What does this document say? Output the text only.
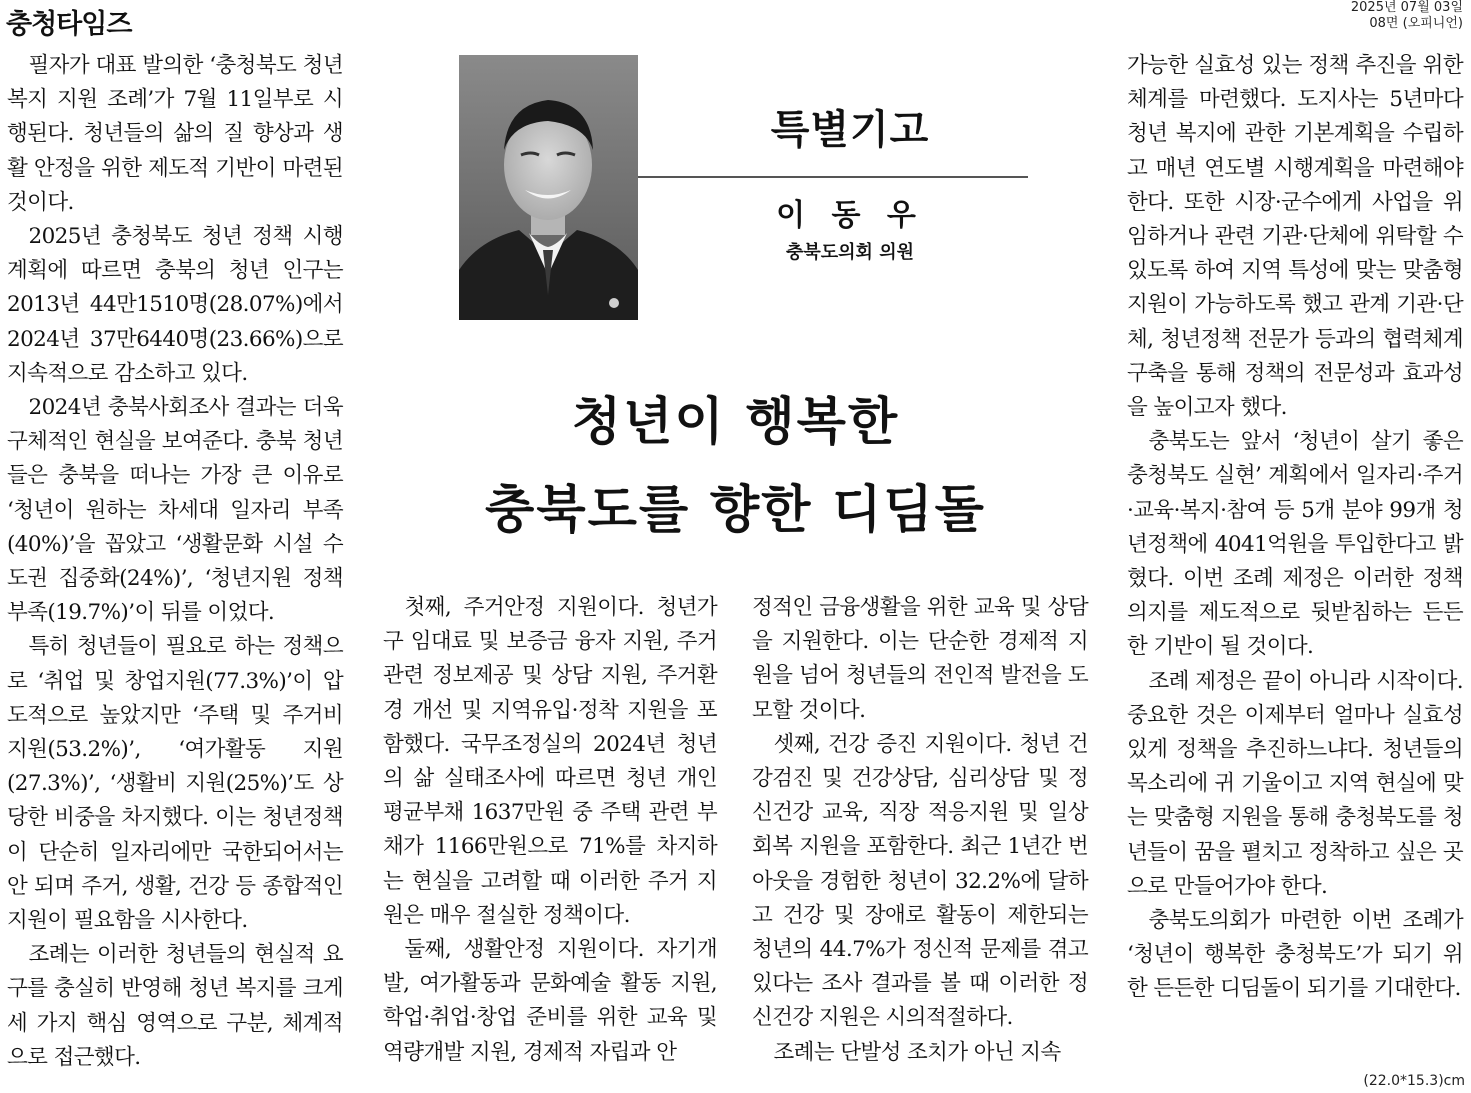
충청타임즈
2025년 07월 03일
08면 (오피니언)
특별기고
이 동 우
충북도의회 의원
청년이 행복한
충북도를 향한 디딤돌

필자가 대표 발의한 ‘충청북도 청년 복지 지원 조례’가 7월 11일부로 시행된다. 청년들의 삶의 질 향상과 생활 안정을 위한 제도적 기반이 마련된 것이다.

2025년 충청북도 청년 정책 시행계획에 따르면 충북의 청년 인구는 2013년 44만1510명(28.07%)에서 2024년 37만6440명(23.66%)으로 지속적으로 감소하고 있다.

2024년 충북사회조사 결과는 더욱 구체적인 현실을 보여준다. 충북 청년들은 충북을 떠나는 가장 큰 이유로 ‘청년이 원하는 차세대 일자리 부족(40%)’을 꼽았고 ‘생활문화 시설 수도권 집중화(24%)’, ‘청년지원 정책 부족(19.7%)’이 뒤를 이었다.

특히 청년들이 필요로 하는 정책으로 ‘취업 및 창업지원(77.3%)’이 압도적으로 높았지만 ‘주택 및 주거비 지원(53.2%)’, ‘여가활동 지원(27.3%)’, ‘생활비 지원(25%)’도 상당한 비중을 차지했다. 이는 청년정책이 단순히 일자리에만 국한되어서는 안 되며 주거, 생활, 건강 등 종합적인 지원이 필요함을 시사한다.

조례는 이러한 청년들의 현실적 요구를 충실히 반영해 청년 복지를 크게 세 가지 핵심 영역으로 구분, 체계적으로 접근했다.

첫째, 주거안정 지원이다. 청년가구 임대료 및 보증금 융자 지원, 주거 관련 정보제공 및 상담 지원, 주거환경 개선 및 지역유입·정착 지원을 포함했다. 국무조정실의 2024년 청년의 삶 실태조사에 따르면 청년 개인 평균부채 1637만원 중 주택 관련 부채가 1166만원으로 71%를 차지하는 현실을 고려할 때 이러한 주거 지원은 매우 절실한 정책이다.

둘째, 생활안정 지원이다. 자기개발, 여가활동과 문화예술 활동 지원, 학업·취업·창업 준비를 위한 교육 및 역량개발 지원, 경제적 자립과 안

정적인 금융생활을 위한 교육 및 상담을 지원한다. 이는 단순한 경제적 지원을 넘어 청년들의 전인적 발전을 도모할 것이다.

셋째, 건강 증진 지원이다. 청년 건강검진 및 건강상담, 심리상담 및 정신건강 교육, 직장 적응지원 및 일상회복 지원을 포함한다. 최근 1년간 번아웃을 경험한 청년이 32.2%에 달하고 건강 및 장애로 활동이 제한되는 청년의 44.7%가 정신적 문제를 겪고 있다는 조사 결과를 볼 때 이러한 정신건강 지원은 시의적절하다.

조례는 단발성 조치가 아닌 지속

가능한 실효성 있는 정책 추진을 위한 체계를 마련했다. 도지사는 5년마다 청년 복지에 관한 기본계획을 수립하고 매년 연도별 시행계획을 마련해야 한다. 또한 시장·군수에게 사업을 위임하거나 관련 기관·단체에 위탁할 수 있도록 하여 지역 특성에 맞는 맞춤형 지원이 가능하도록 했고 관계 기관·단체, 청년정책 전문가 등과의 협력체계 구축을 통해 정책의 전문성과 효과성을 높이고자 했다.

충북도는 앞서 ‘청년이 살기 좋은 충청북도 실현’ 계획에서 일자리·주거·교육·복지·참여 등 5개 분야 99개 청년정책에 4041억원을 투입한다고 밝혔다. 이번 조례 제정은 이러한 정책 의지를 제도적으로 뒷받침하는 든든한 기반이 될 것이다.

조례 제정은 끝이 아니라 시작이다. 중요한 것은 이제부터 얼마나 실효성 있게 정책을 추진하느냐다. 청년들의 목소리에 귀 기울이고 지역 현실에 맞는 맞춤형 지원을 통해 충청북도를 청년들이 꿈을 펼치고 정착하고 싶은 곳으로 만들어가야 한다.

충북도의회가 마련한 이번 조례가 ‘청년이 행복한 충청북도’가 되기 위한 든든한 디딤돌이 되기를 기대한다.

(22.0*15.3)cm
